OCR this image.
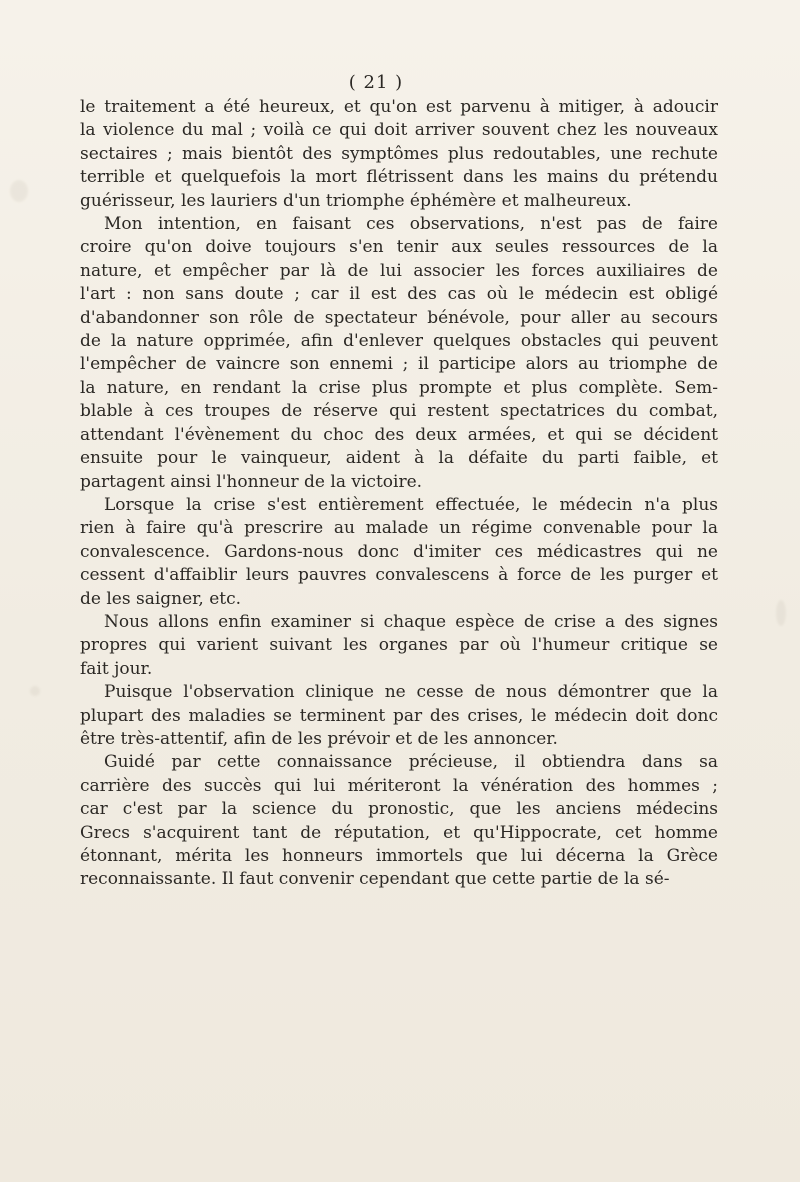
( 21 )
le traitement a été heureux, et qu'on est parvenu à mitiger, à adoucir
la violence du mal ; voilà ce qui doit arriver souvent chez les nouveaux
sectaires ; mais bientôt des symptômes plus redoutables, une rechute
terrible et quelquefois la mort flétrissent dans les mains du prétendu
guérisseur, les lauriers d'un triomphe éphémère et malheureux.
Mon intention, en faisant ces observations, n'est pas de faire
croire qu'on doive toujours s'en tenir aux seules ressources de la
nature, et empêcher par là de lui associer les forces auxiliaires de
l'art : non sans doute ; car il est des cas où le médecin est obligé
d'abandonner son rôle de spectateur bénévole, pour aller au secours
de la nature opprimée, afin d'enlever quelques obstacles qui peuvent
l'empêcher de vaincre son ennemi ; il participe alors au triomphe de
la nature, en rendant la crise plus prompte et plus complète. Sem-
blable à ces troupes de réserve qui restent spectatrices du combat,
attendant l'évènement du choc des deux armées, et qui se décident
ensuite pour le vainqueur, aident à la défaite du parti faible, et
partagent ainsi l'honneur de la victoire.
Lorsque la crise s'est entièrement effectuée, le médecin n'a plus
rien à faire qu'à prescrire au malade un régime convenable pour la
convalescence. Gardons-nous donc d'imiter ces médicastres qui ne
cessent d'affaiblir leurs pauvres convalescens à force de les purger et
de les saigner, etc.
Nous allons enfin examiner si chaque espèce de crise a des signes
propres qui varient suivant les organes par où l'humeur critique se
fait jour.
Puisque l'observation clinique ne cesse de nous démontrer que la
plupart des maladies se terminent par des crises, le médecin doit donc
être très-attentif, afin de les prévoir et de les annoncer.
Guidé par cette connaissance précieuse, il obtiendra dans sa
carrière des succès qui lui mériteront la vénération des hommes ;
car c'est par la science du pronostic, que les anciens médecins
Grecs s'acquirent tant de réputation, et qu'Hippocrate, cet homme
étonnant, mérita les honneurs immortels que lui décerna la Grèce
reconnaissante. Il faut convenir cependant que cette partie de la sé-
